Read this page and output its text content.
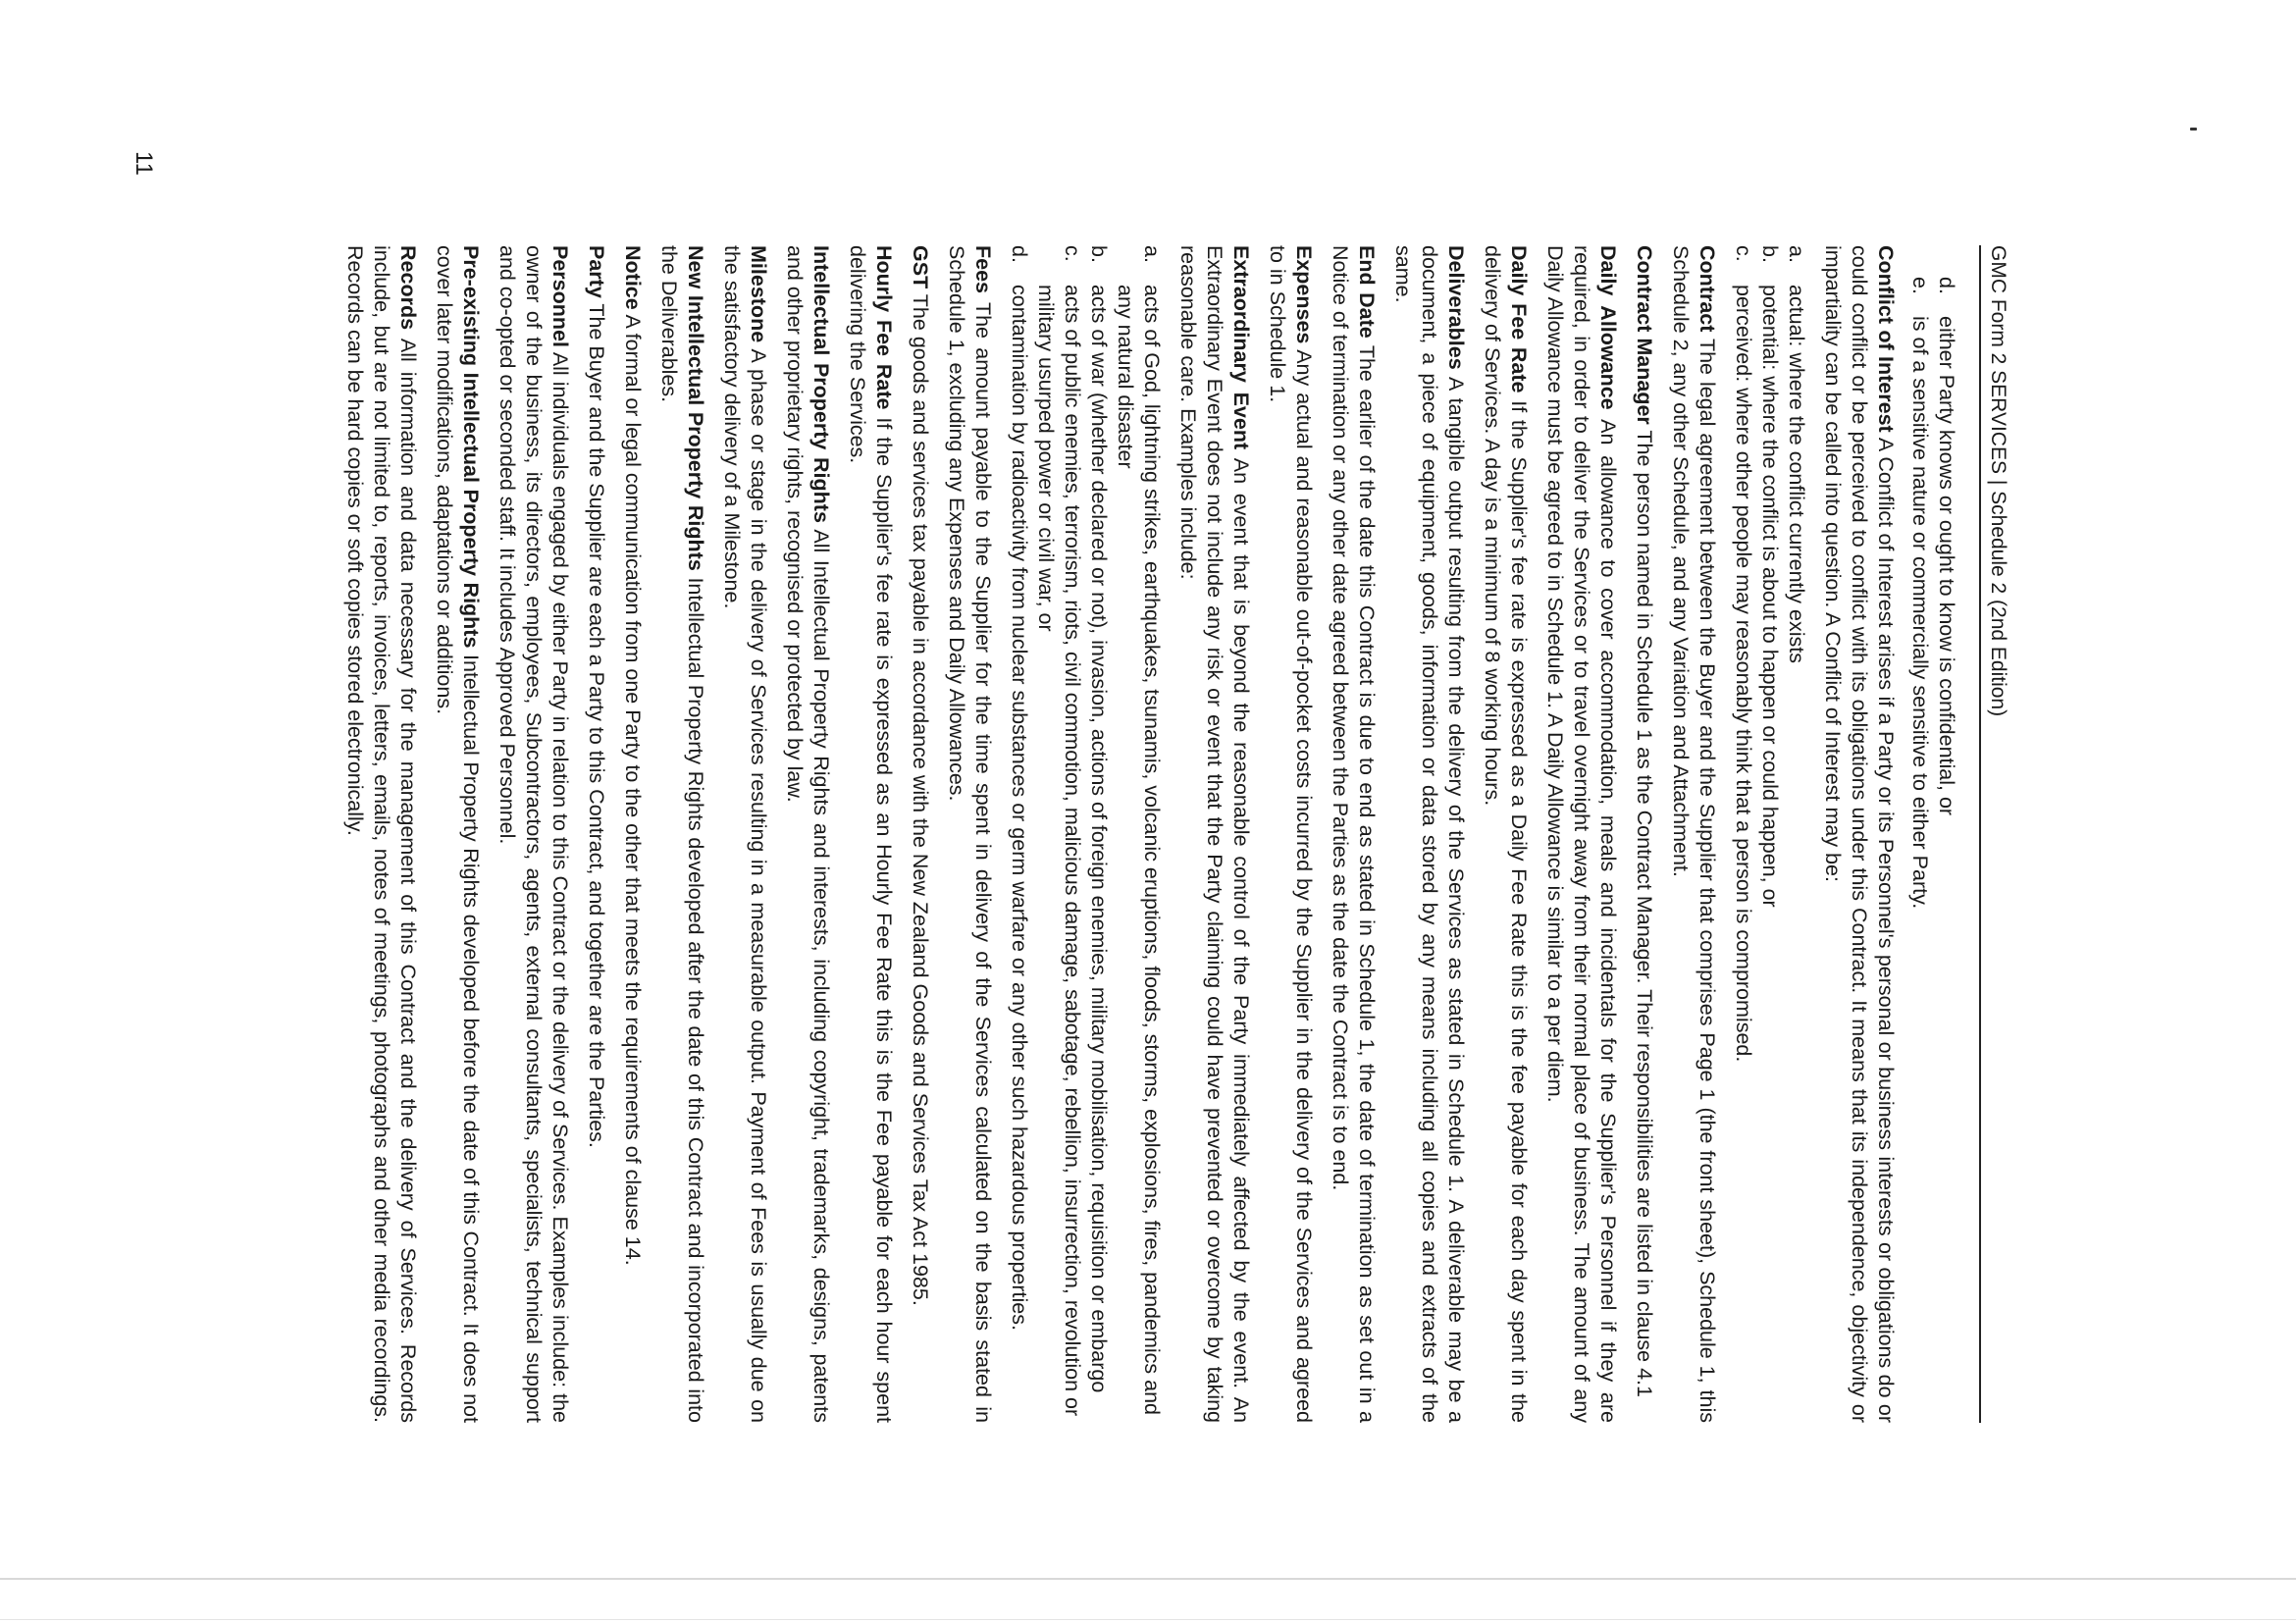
GMC Form 2 SERVICES | Schedule 2 (2nd Edition)
d.
either Party knows or ought to know is confidential, or
e.
is of a sensitive nature or commercially sensitive to either Party.

Conflict of Interest A Conflict of Interest arises if a Party or its Personnel's personal or business interests or obligations do or could conflict or be perceived to conflict with its obligations under this Contract. It means that its independence, objectivity or impartiality can be called into question. A Conflict of Interest may be:

a.
actual: where the conflict currently exists
b.
potential: where the conflict is about to happen or could happen, or
c.
perceived: where other people may reasonably think that a person is compromised.

Contract The legal agreement between the Buyer and the Supplier that comprises Page 1 (the front sheet), Schedule 1, this Schedule 2, any other Schedule, and any Variation and Attachment.

Contract Manager The person named in Schedule 1 as the Contract Manager. Their responsibilities are listed in clause 4.1

Daily Allowance An allowance to cover accommodation, meals and incidentals for the Supplier's Personnel if they are required, in order to deliver the Services or to travel overnight away from their normal place of business. The amount of any Daily Allowance must be agreed to in Schedule 1. A Daily Allowance is similar to a per diem.

Daily Fee Rate If the Supplier's fee rate is expressed as a Daily Fee Rate this is the fee payable for each day spent in the delivery of Services. A day is a minimum of 8 working hours.

Deliverables A tangible output resulting from the delivery of the Services as stated in Schedule 1. A deliverable may be a document, a piece of equipment, goods, information or data stored by any means including all copies and extracts of the same.

End Date The earlier of the date this Contract is due to end as stated in Schedule 1, the date of termination as set out in a Notice of termination or any other date agreed between the Parties as the date the Contract is to end.

Expenses Any actual and reasonable out-of-pocket costs incurred by the Supplier in the delivery of the Services and agreed to in Schedule 1.

Extraordinary Event An event that is beyond the reasonable control of the Party immediately affected by the event. An Extraordinary Event does not include any risk or event that the Party claiming could have prevented or overcome by taking reasonable care. Examples include:

a.
acts of God, lightning strikes, earthquakes, tsunamis, volcanic eruptions, floods, storms, explosions, fires, pandemics and any natural disaster
b.
acts of war (whether declared or not), invasion, actions of foreign enemies, military mobilisation, requisition or embargo
c.
acts of public enemies, terrorism, riots, civil commotion, malicious damage, sabotage, rebellion, insurrection, revolution or military usurped power or civil war, or
d.
contamination by radioactivity from nuclear substances or germ warfare or any other such hazardous properties.

Fees The amount payable to the Supplier for the time spent in delivery of the Services calculated on the basis stated in Schedule 1, excluding any Expenses and Daily Allowances.

GST The goods and services tax payable in accordance with the New Zealand Goods and Services Tax Act 1985.

Hourly Fee Rate If the Supplier's fee rate is expressed as an Hourly Fee Rate this is the Fee payable for each hour spent delivering the Services.

Intellectual Property Rights All Intellectual Property Rights and interests, including copyright, trademarks, designs, patents and other proprietary rights, recognised or protected by law.

Milestone A phase or stage in the delivery of Services resulting in a measurable output. Payment of Fees is usually due on the satisfactory delivery of a Milestone.

New Intellectual Property Rights Intellectual Property Rights developed after the date of this Contract and incorporated into the Deliverables.

Notice A formal or legal communication from one Party to the other that meets the requirements of clause 14.

Party The Buyer and the Supplier are each a Party to this Contract, and together are the Parties.

Personnel All individuals engaged by either Party in relation to this Contract or the delivery of Services. Examples include: the owner of the business, its directors, employees, Subcontractors, agents, external consultants, specialists, technical support and co-opted or seconded staff. It includes Approved Personnel.

Pre-existing Intellectual Property Rights Intellectual Property Rights developed before the date of this Contract. It does not cover later modifications, adaptations or additions.

Records All information and data necessary for the management of this Contract and the delivery of Services. Records include, but are not limited to, reports, invoices, letters, emails, notes of meetings, photographs and other media recordings. Records can be hard copies or soft copies stored electronically.

11
